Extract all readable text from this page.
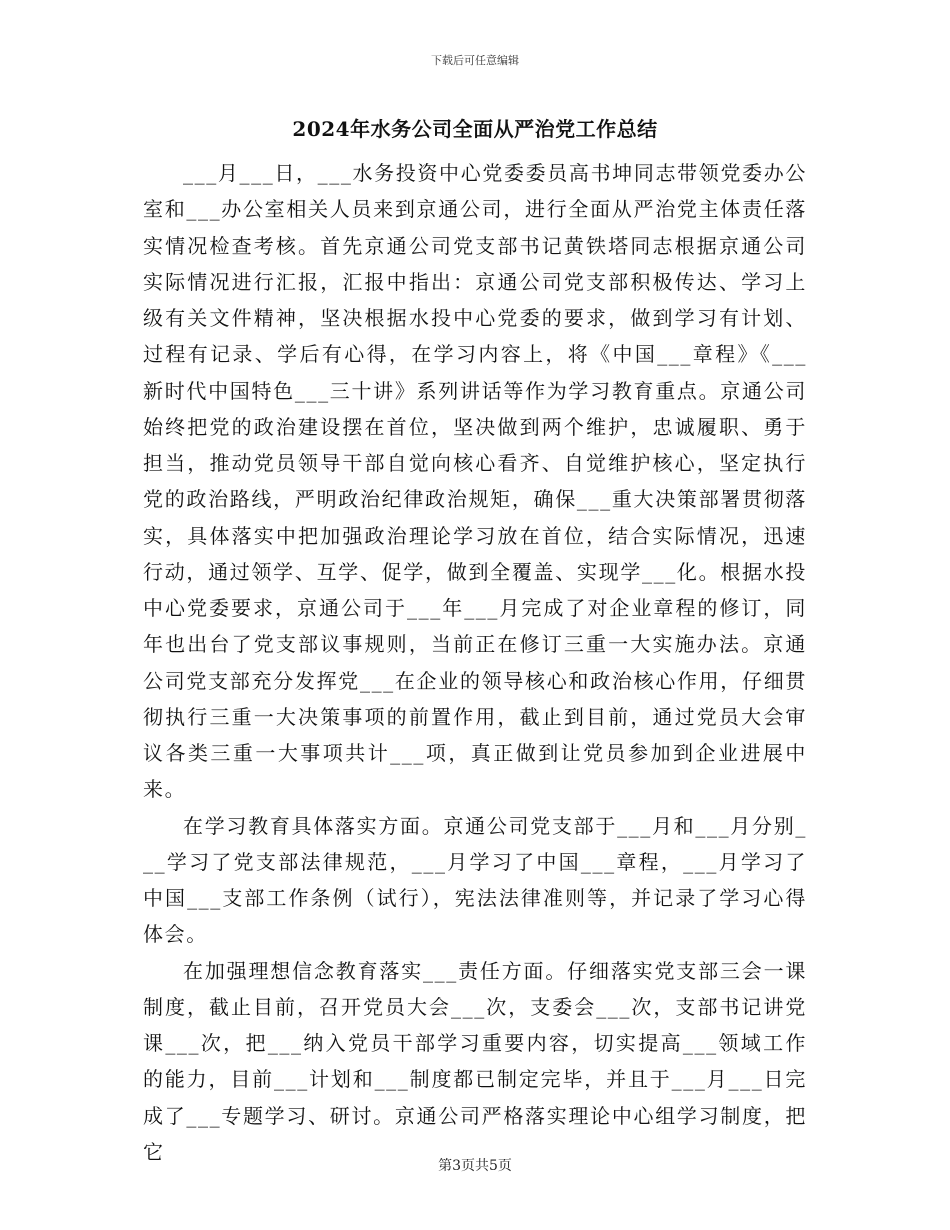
下载后可任意编辑
2024年水务公司全面从严治党工作总结

___月___日，___水务投资中心党委委员高书坤同志带领党委办公室和___办公室相关人员来到京通公司，进行全面从严治党主体责任落实情况检查考核。首先京通公司党支部书记黄铁塔同志根据京通公司实际情况进行汇报，汇报中指出：京通公司党支部积极传达、学习上级有关文件精神，坚决根据水投中心党委的要求，做到学习有计划、过程有记录、学后有心得，在学习内容上，将《中国___章程》《___新时代中国特色___三十讲》系列讲话等作为学习教育重点。京通公司始终把党的政治建设摆在首位，坚决做到两个维护，忠诚履职、勇于担当，推动党员领导干部自觉向核心看齐、自觉维护核心，坚定执行党的政治路线，严明政治纪律政治规矩，确保___重大决策部署贯彻落实，具体落实中把加强政治理论学习放在首位，结合实际情况，迅速行动，通过领学、互学、促学，做到全覆盖、实现学___化。根据水投中心党委要求，京通公司于___年___月完成了对企业章程的修订，同年也出台了党支部议事规则，当前正在修订三重一大实施办法。京通公司党支部充分发挥党___在企业的领导核心和政治核心作用，仔细贯彻执行三重一大决策事项的前置作用，截止到目前，通过党员大会审议各类三重一大事项共计___项，真正做到让党员参加到企业进展中来。

在学习教育具体落实方面。京通公司党支部于___月和___月分别___学习了党支部法律规范，___月学习了中国___章程，___月学习了中国___支部工作条例（试行），宪法法律准则等，并记录了学习心得体会。

在加强理想信念教育落实___责任方面。仔细落实党支部三会一课制度，截止目前，召开党员大会___次，支委会___次，支部书记讲党课___次，把___纳入党员干部学习重要内容，切实提高___领域工作的能力，目前___计划和___制度都已制定完毕，并且于___月___日完成了___专题学习、研讨。京通公司严格落实理论中心组学习制度，把它

第3页共5页
